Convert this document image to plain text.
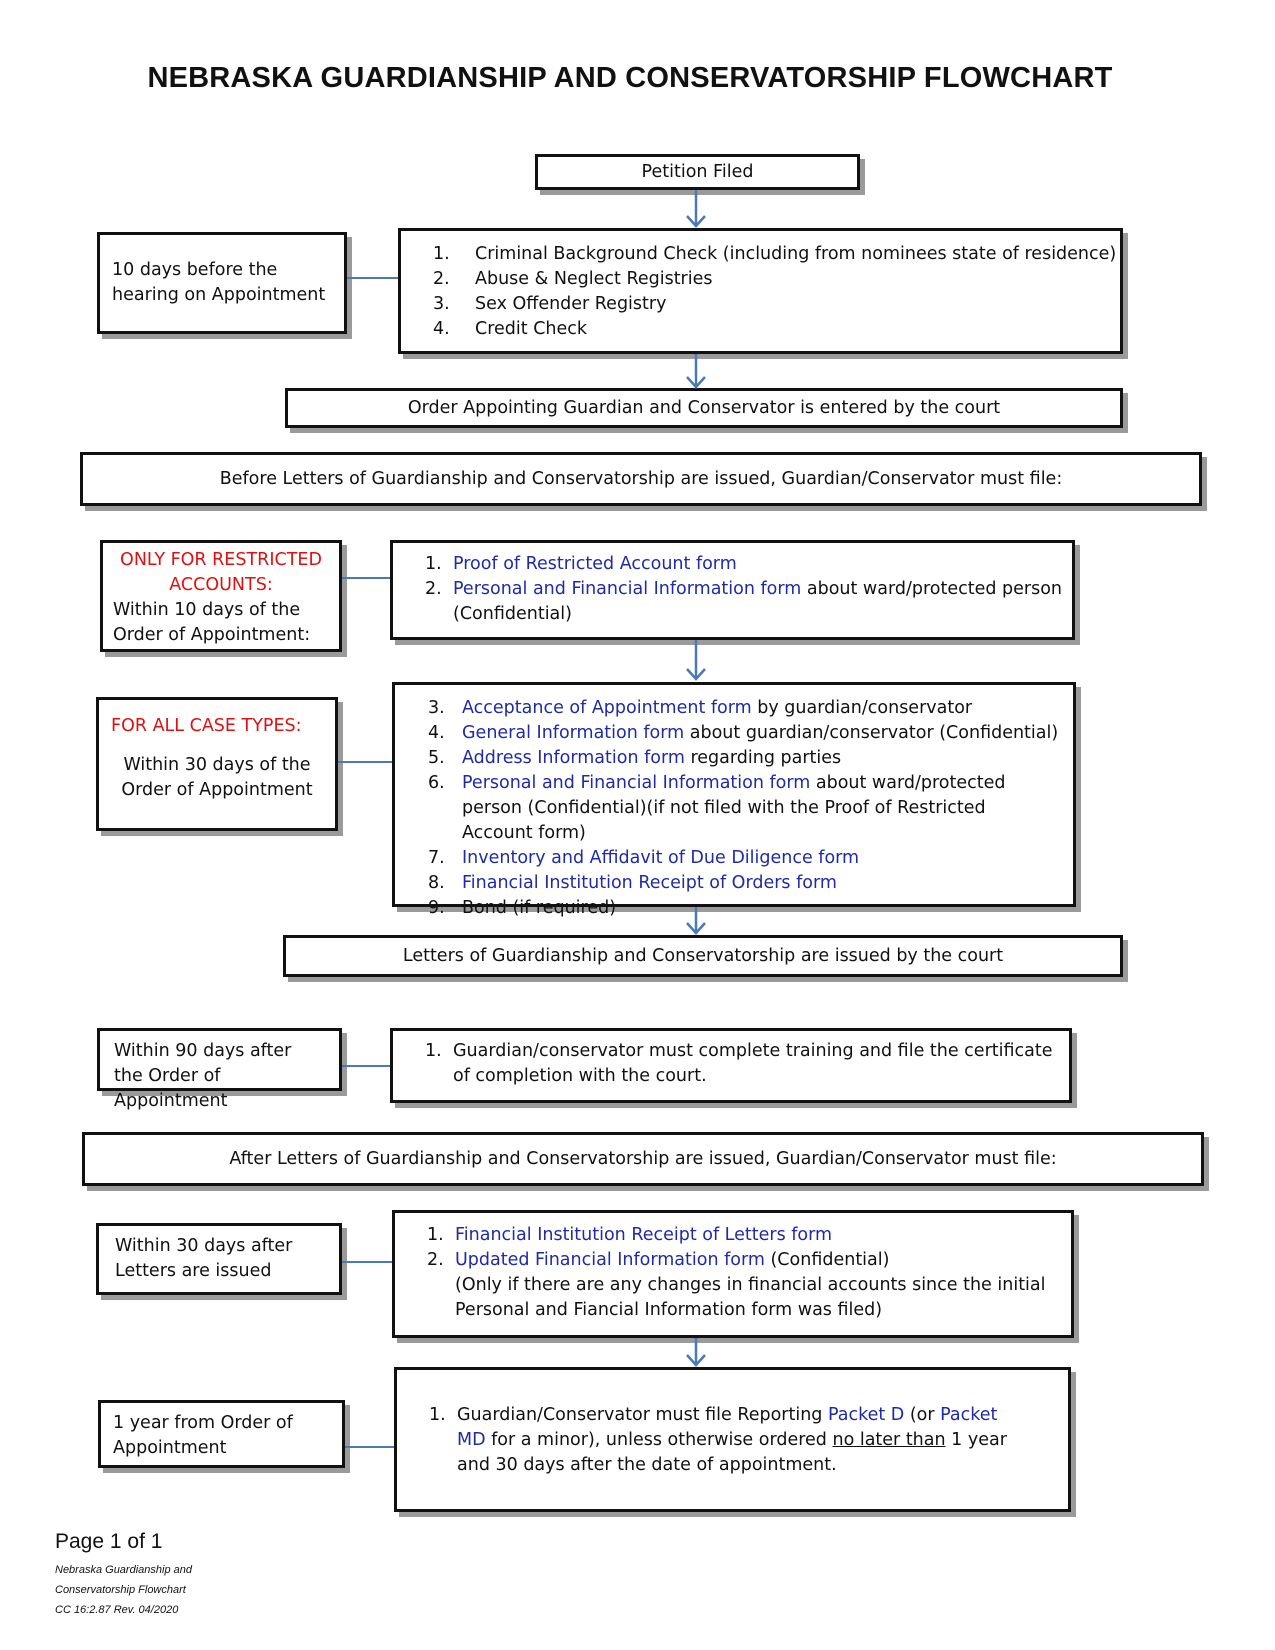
NEBRASKA GUARDIANSHIP AND CONSERVATORSHIP FLOWCHART
Petition Filed
10 days before the hearing on Appointment
1.	Criminal Background Check (including from nominees state of residence)
2.	Abuse & Neglect Registries
3.	Sex Offender Registry
4.	Credit Check
Order Appointing Guardian and Conservator is entered by the court
Before Letters of Guardianship and Conservatorship are issued, Guardian/Conservator must file:
ONLY FOR RESTRICTED ACCOUNTS:
Within 10 days of the Order of Appointment:
1. Proof of Restricted Account form
2. Personal and Financial Information form about ward/protected person (Confidential)
FOR ALL CASE TYPES:
Within 30 days of the Order of Appointment
3. Acceptance of Appointment form by guardian/conservator
4. General Information form about guardian/conservator (Confidential)
5. Address Information form regarding parties
6. Personal and Financial Information form about ward/protected person (Confidential)(if not filed with the Proof of Restricted Account form)
7. Inventory and Affidavit of Due Diligence form
8. Financial Institution Receipt of Orders form
9. Bond (if required)
Letters of Guardianship and Conservatorship are issued by the court
Within 90 days after the Order of Appointment
1. Guardian/conservator must complete training and file the certificate of completion with the court.
After Letters of Guardianship and Conservatorship are issued, Guardian/Conservator must file:
Within 30 days after Letters are issued
1. Financial Institution Receipt of Letters form
2. Updated Financial Information form (Confidential)
(Only if there are any changes in financial accounts since the initial Personal and Fiancial Information form was filed)
1 year from Order of Appointment
1. Guardian/Conservator must file Reporting Packet D (or Packet MD for a minor), unless otherwise ordered no later than 1 year and 30 days after the date of appointment.
Page 1 of 1
Nebraska Guardianship and
Conservatorship Flowchart
CC 16:2.87 Rev. 04/2020
